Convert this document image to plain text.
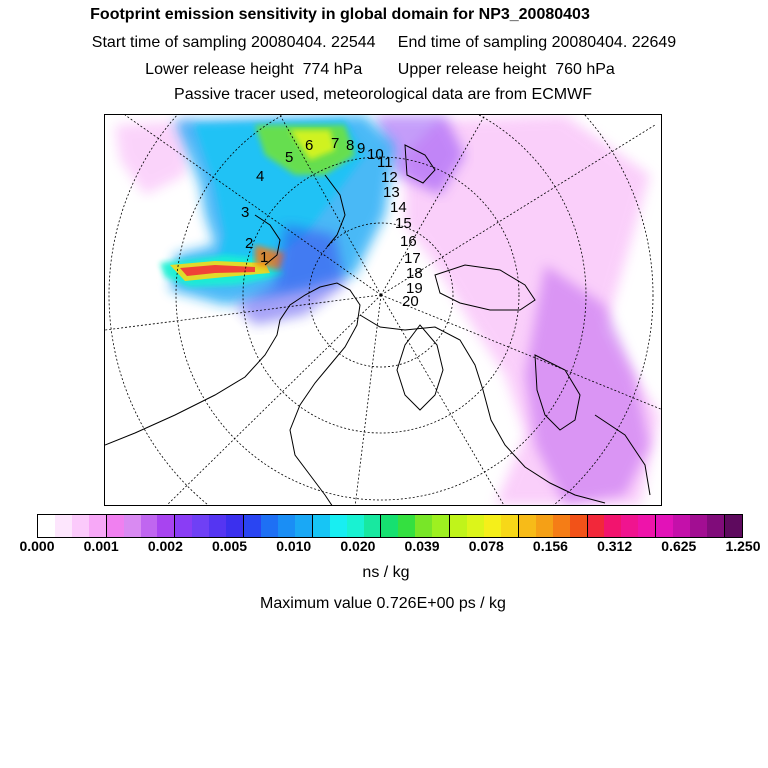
Footprint emission sensitivity in global domain for NP3_20080403
Start time of sampling 20080404. 22544 End time of sampling 20080404. 22649
Lower release height  774 hPa Upper release height  760 hPa
Passive tracer used, meteorological data are from ECMWF
1
2
3
4
5
6 7 8 9 10
11
12
13
14
15
16
17
18
19
20
0.000	0.001	0.002	0.005	0.010	0.020	0.039	0.078	0.156	0.312	0.625	1.250
ns / kg
Maximum value 0.726E+00 ps / kg
